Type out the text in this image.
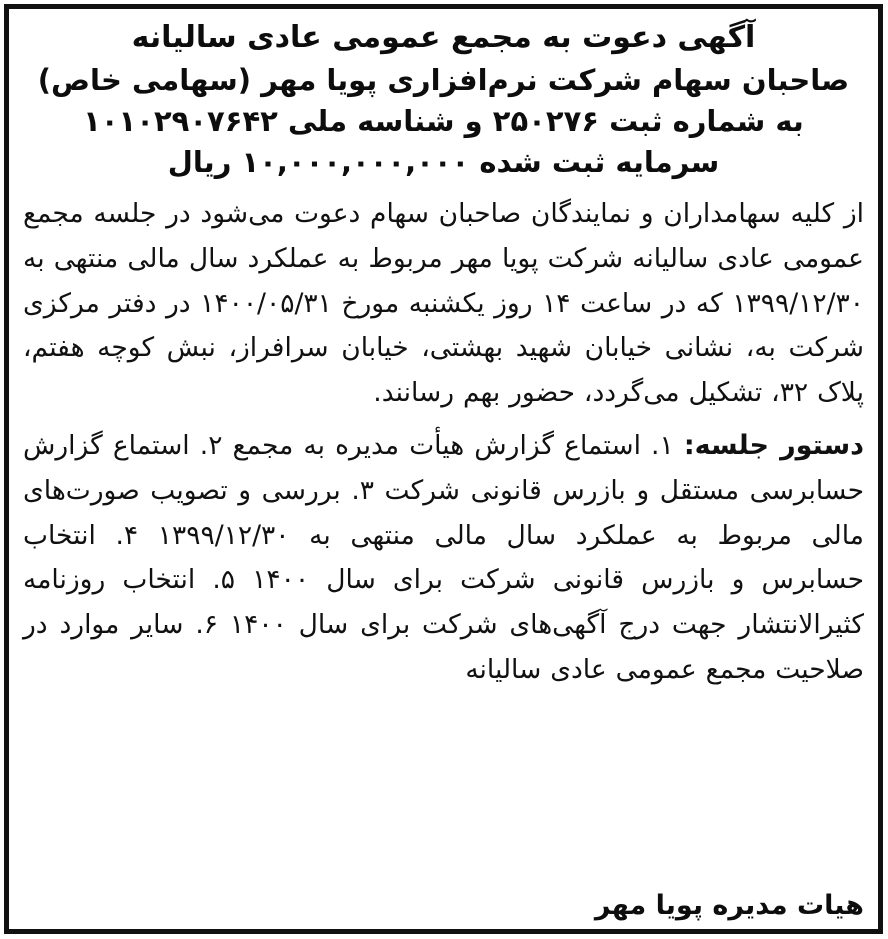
آگهی دعوت به مجمع عمومی عادی سالیانه
صاحبان سهام شرکت نرم‌افزاری پویا مهر (سهامی خاص)
به شماره ثبت ۲۵۰۲۷۶ و شناسه ملی ۱۰۱۰۲۹۰۷۶۴۲
سرمایه ثبت شده ۱۰,۰۰۰,۰۰۰,۰۰۰ ریال

از کلیه سهامداران و نمایندگان صاحبان سهام دعوت می‌شود در جلسه مجمع عمومی عادی سالیانه شرکت پویا مهر مربوط به عملکرد سال مالی منتهی به ۱۳۹۹/۱۲/۳۰ که در ساعت ۱۴ روز یکشنبه مورخ ۱۴۰۰/۰۵/۳۱ در دفتر مرکزی شرکت به، نشانی خیابان شهید بهشتی، خیابان سرافراز، نبش کوچه هفتم، پلاک ۳۲، تشکیل می‌گردد، حضور بهم رسانند.

دستور جلسه: ۱. استماع گزارش هیأت مدیره به مجمع ۲. استماع گزارش حسابرسی مستقل و بازرس قانونی شرکت ۳. بررسی و تصویب صورت‌های مالی مربوط به عملکرد سال مالی منتهی به ۱۳۹۹/۱۲/۳۰ ۴. انتخاب حسابرس و بازرس قانونی شرکت برای سال ۱۴۰۰ ۵. انتخاب روزنامه کثیرالانتشار جهت درج آگهی‌های شرکت برای سال ۱۴۰۰ ۶. سایر موارد در صلاحیت مجمع عمومی عادی سالیانه

هیات مدیره پویا مهر
